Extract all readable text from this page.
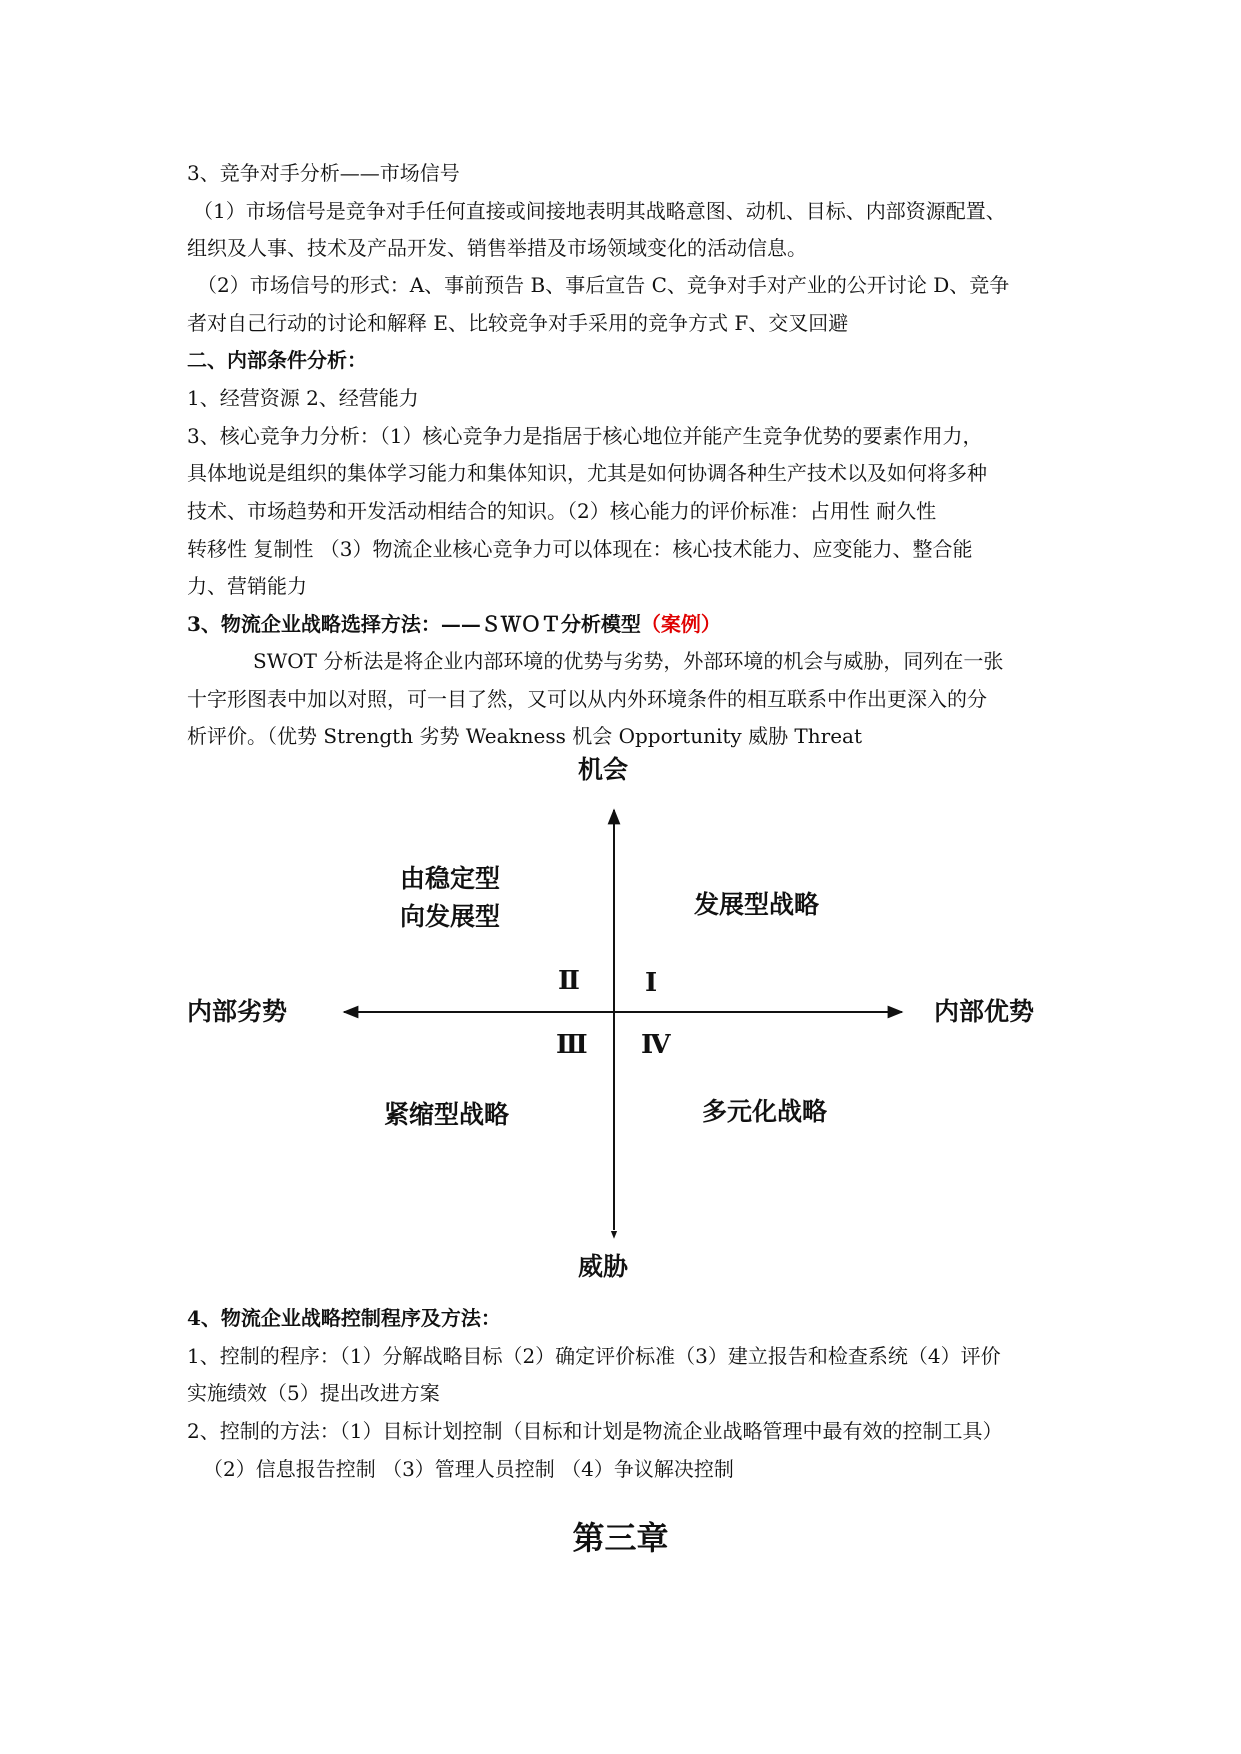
3、竞争对手分析——市场信号
（1）市场信号是竞争对手任何直接或间接地表明其战略意图、动机、目标、内部资源配置、
组织及人事、技术及产品开发、销售举措及市场领域变化的活动信息。
（2）市场信号的形式：A、事前预告 B、事后宣告 C、竞争对手对产业的公开讨论 D、竞争
者对自己行动的讨论和解释 E、比较竞争对手采用的竞争方式 F、交叉回避
二、内部条件分析：
1、经营资源 2、经营能力
3、核心竞争力分析：（1）核心竞争力是指居于核心地位并能产生竞争优势的要素作用力，
具体地说是组织的集体学习能力和集体知识，尤其是如何协调各种生产技术以及如何将多种
技术、市场趋势和开发活动相结合的知识。（2）核心能力的评价标准：占用性 耐久性
转移性 复制性 （3）物流企业核心竞争力可以体现在：核心技术能力、应变能力、整合能
力、营销能力
3、物流企业战略选择方法：——ＳＷＯＴ分析模型（案例）
SWOT 分析法是将企业内部环境的优势与劣势，外部环境的机会与威胁，同列在一张
十字形图表中加以对照，可一目了然，又可以从内外环境条件的相互联系中作出更深入的分
析评价。（优势 Strength 劣势 Weakness 机会 Opportunity 威胁 Threat
机会
威胁
内部劣势	内部优势
由稳定型
向发展型	发展型战略
紧缩型战略	多元化战略
Ⅰ
Ⅱ
Ⅲ Ⅳ
4、物流企业战略控制程序及方法：
1、控制的程序：（1）分解战略目标（2）确定评价标准（3）建立报告和检查系统（4）评价
实施绩效（5）提出改进方案
2、控制的方法：（1）目标计划控制（目标和计划是物流企业战略管理中最有效的控制工具）
（2）信息报告控制 （3）管理人员控制 （4）争议解决控制
第三章
